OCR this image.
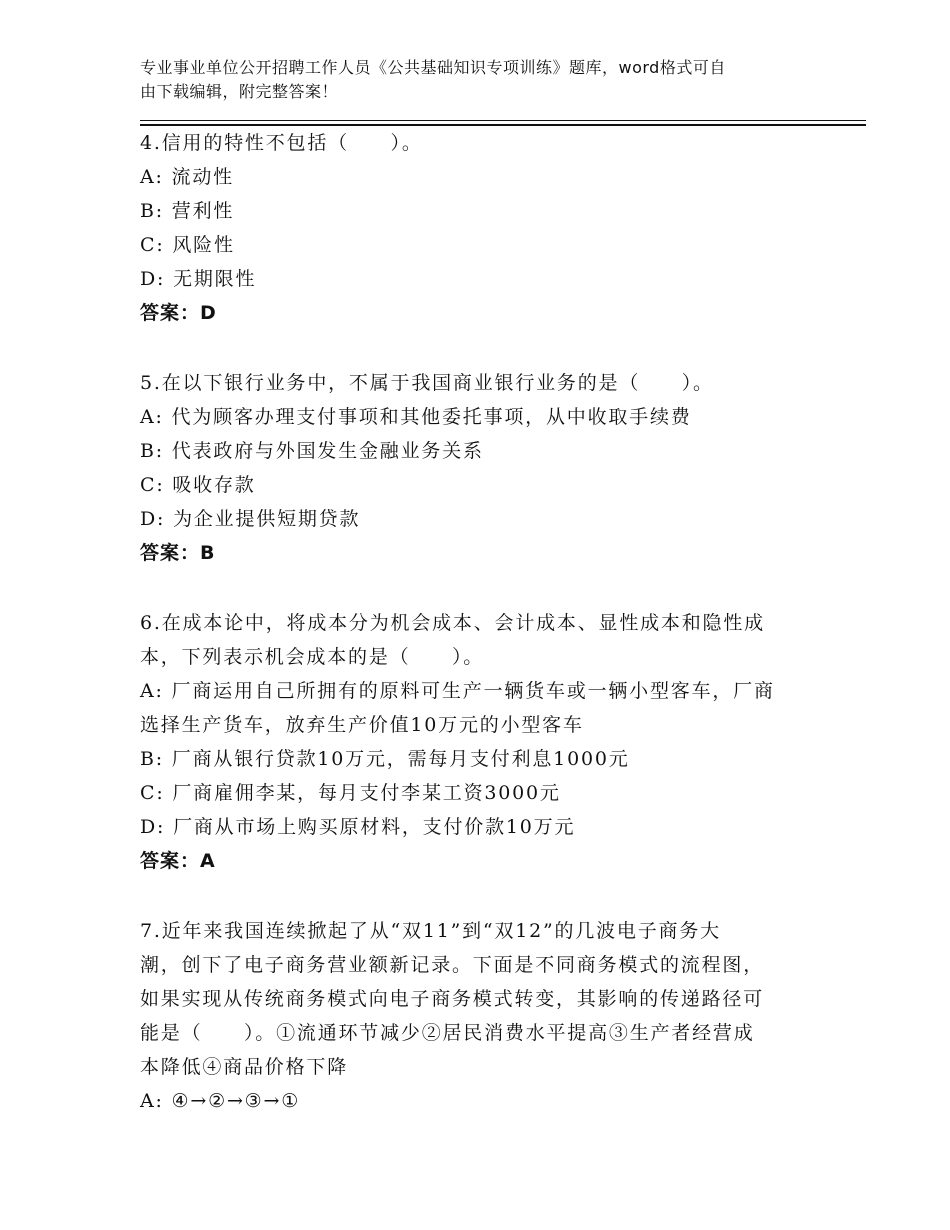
专业事业单位公开招聘工作人员《公共基础知识专项训练》题库，word格式可自
由下载编辑，附完整答案！
4.信用的特性不包括（　　）。
A: 流动性
B: 营利性
C: 风险性
D: 无期限性
答案：D
5.在以下银行业务中，不属于我国商业银行业务的是（　　）。
A: 代为顾客办理支付事项和其他委托事项，从中收取手续费
B: 代表政府与外国发生金融业务关系
C: 吸收存款
D: 为企业提供短期贷款
答案：B
6.在成本论中，将成本分为机会成本、会计成本、显性成本和隐性成
本，下列表示机会成本的是（　　）。
A: 厂商运用自己所拥有的原料可生产一辆货车或一辆小型客车，厂商
选择生产货车，放弃生产价值10万元的小型客车
B: 厂商从银行贷款10万元，需每月支付利息1000元
C: 厂商雇佣李某，每月支付李某工资3000元
D: 厂商从市场上购买原材料，支付价款10万元
答案：A
7.近年来我国连续掀起了从“双11”到“双12”的几波电子商务大
潮，创下了电子商务营业额新记录。下面是不同商务模式的流程图，
如果实现从传统商务模式向电子商务模式转变，其影响的传递路径可
能是（　　）。①流通环节减少②居民消费水平提高③生产者经营成
本降低④商品价格下降
A: ④→②→③→①
